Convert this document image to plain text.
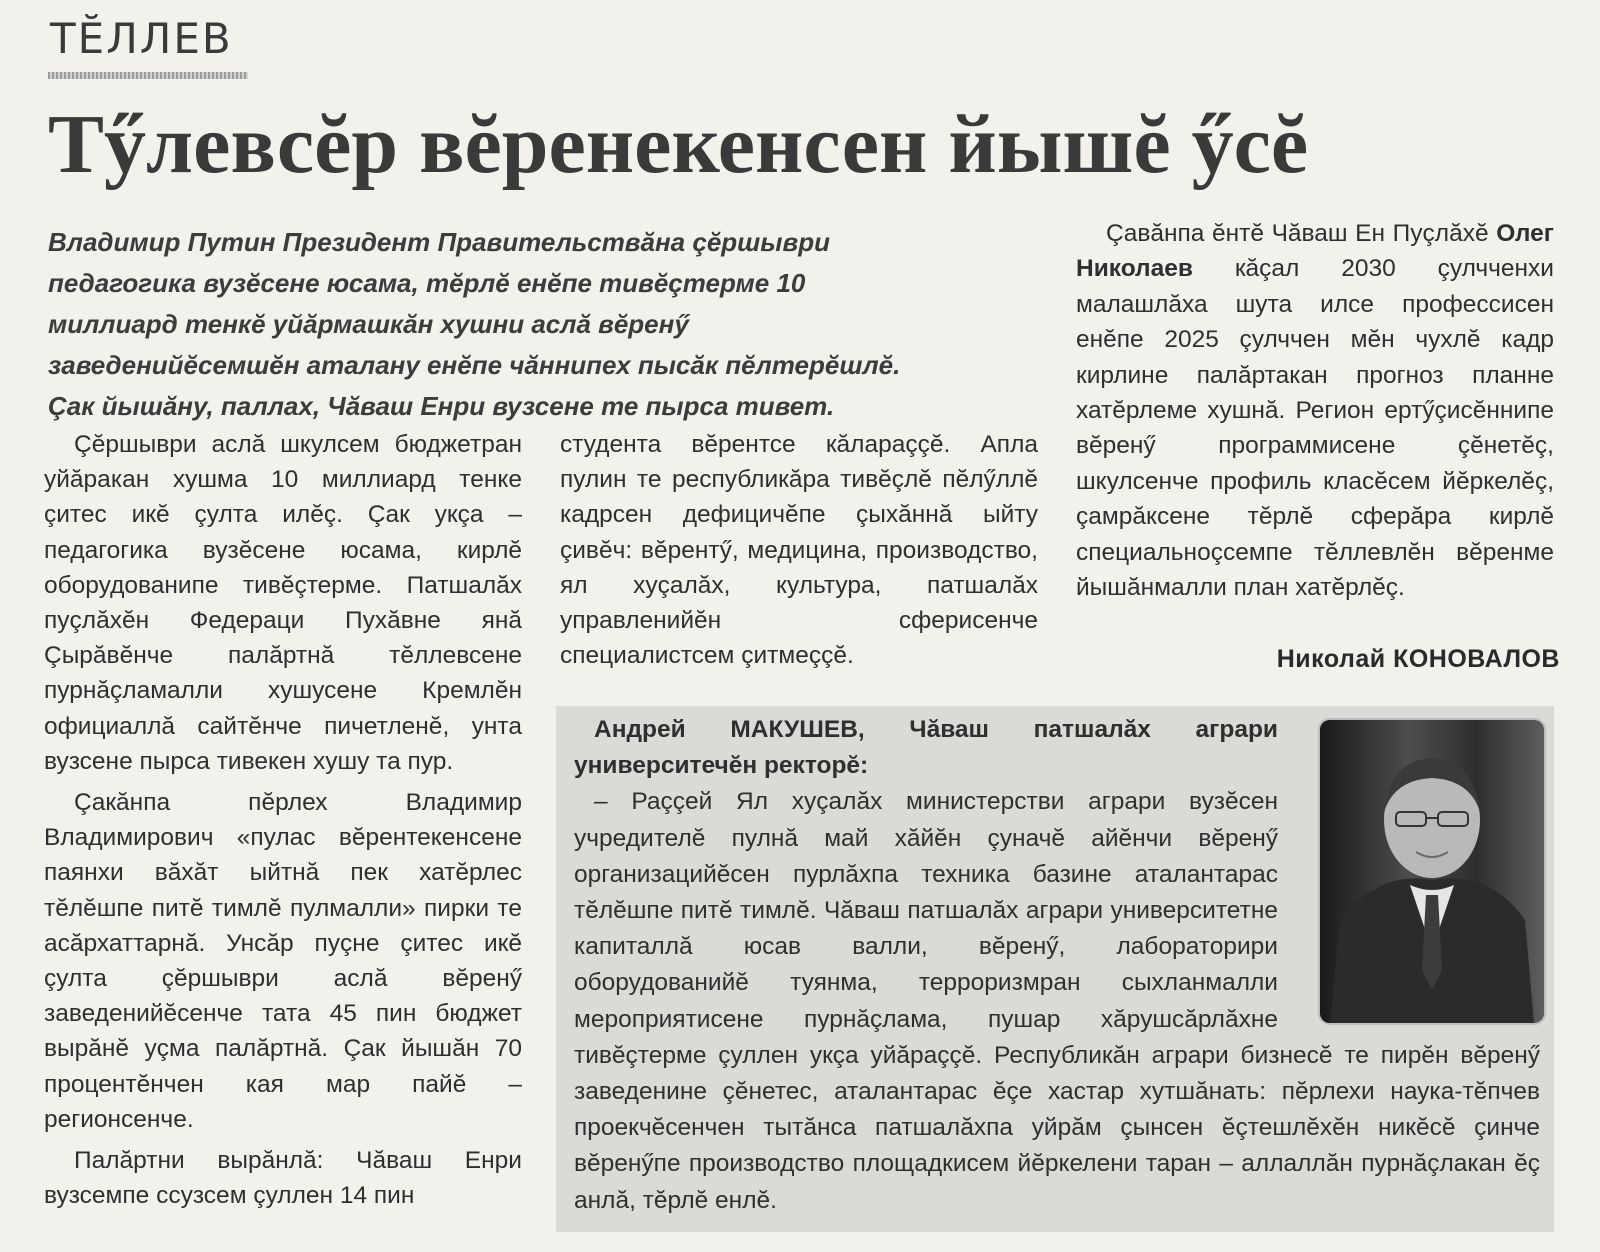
ТĔЛЛЕВ
Тӳлевсĕр вĕренекенсен йышĕ ӳсĕ
Владимир Путин Президент Правительствăна çĕршыври педагогика вузĕсене юсама, тĕрлĕ енĕпе тивĕçтерме 10 миллиард тенкĕ уйăрмашкăн хушни аслă вĕренӳ заведенийĕсемшĕн аталану енĕпе чăннипех пысăк пĕлтерĕшлĕ. Çак йышăну, паллах, Чăваш Енри вузсене те пырса тивет.

Çĕршыври аслă шкулсем бюджетран уйăракан хушма 10 миллиард тенке çитес икĕ çулта илĕç. Çак укçа – педагогика вузĕсене юсама, кирлĕ оборудованипе тивĕçтерме. Патшалăх пуçлăхĕн Федераци Пухăвне янă Çырăвĕнче палăртнă тĕллевсене пурнăçламалли хушусене Кремлĕн официаллă сайтĕнче пичетленĕ, унта вузсене пырса тивекен хушу та пур.

Çакăнпа пĕрлех Владимир Владимирович «пулас вĕрентекенсене паянхи вăхăт ыйтнă пек хатĕрлес тĕлĕшпе питĕ тимлĕ пулмалли» пирки те асăрхаттарнă. Унсăр пуçне çитес икĕ çулта çĕршыври аслă вĕренӳ заведенийĕсенче тата 45 пин бюджет вырăнĕ уçма палăртнă. Çак йышăн 70 процентĕнчен кая мар пайĕ – регионсенче.

Палăртни вырăнлă: Чăваш Енри вузсемпе ссузсем çуллен 14 пин

студента вĕрентсе кăлараççĕ. Апла пулин те республикăра тивĕçлĕ пĕлӳллĕ кадрсен дефицичĕпе çыхăннă ыйту çивĕч: вĕрентӳ, медицина, производство, ял хуçалăх, культура, патшалăх управленийĕн сферисенче специалистсем çитмеççĕ.

Çавăнпа ĕнтĕ Чăваш Ен Пуçлăхĕ Олег Николаев кăçал 2030 çулчченхи малашлăха шута илсе профессисен енĕпе 2025 çулччен мĕн чухлĕ кадр кирлине палăртакан прогноз планне хатĕрлеме хушнă. Регион ертӳçисĕннипе вĕренӳ программисене çĕнетĕç, шкулсенче профиль класĕсем йĕркелĕç, çамрăксене тĕрлĕ сферăра кирлĕ специальноçсемпе тĕллевлĕн вĕренме йышăнмалли план хатĕрлĕç.

Николай КОНОВАЛОВ
Андрей МАКУШЕВ, Чăваш патшалăх аграри университечĕн ректорĕ:
– Раççей Ял хуçалăх министерстви аграри вузĕсен учредителĕ пулнă май хăйĕн çуначĕ айĕнчи вĕренӳ организацийĕсен пурлăхпа техника базине аталантарас тĕлĕшпе питĕ тимлĕ. Чăваш патшалăх аграри университетне капиталлă юсав валли, вĕренӳ, лабораторири оборудованийĕ туянма, терроризмран сыхланмалли мероприятисене пурнăçлама, пушар хăрушсăрлăхне тивĕçтерме çуллен укçа уйăраççĕ. Республикăн аграри бизнесĕ те пирĕн вĕренӳ заведенине çĕнетес, аталантарас ĕçе хастар хутшăнать: пĕрлехи наука-тĕпчев проекчĕсенчен тытăнса патшалăхпа уйрăм çынсен ĕçтешлĕхĕн никĕсĕ çинче вĕренӳпе производство площадкисем йĕркелени таран – аллаллăн пурнăçлакан ĕç анлă, тĕрлĕ енлĕ.
